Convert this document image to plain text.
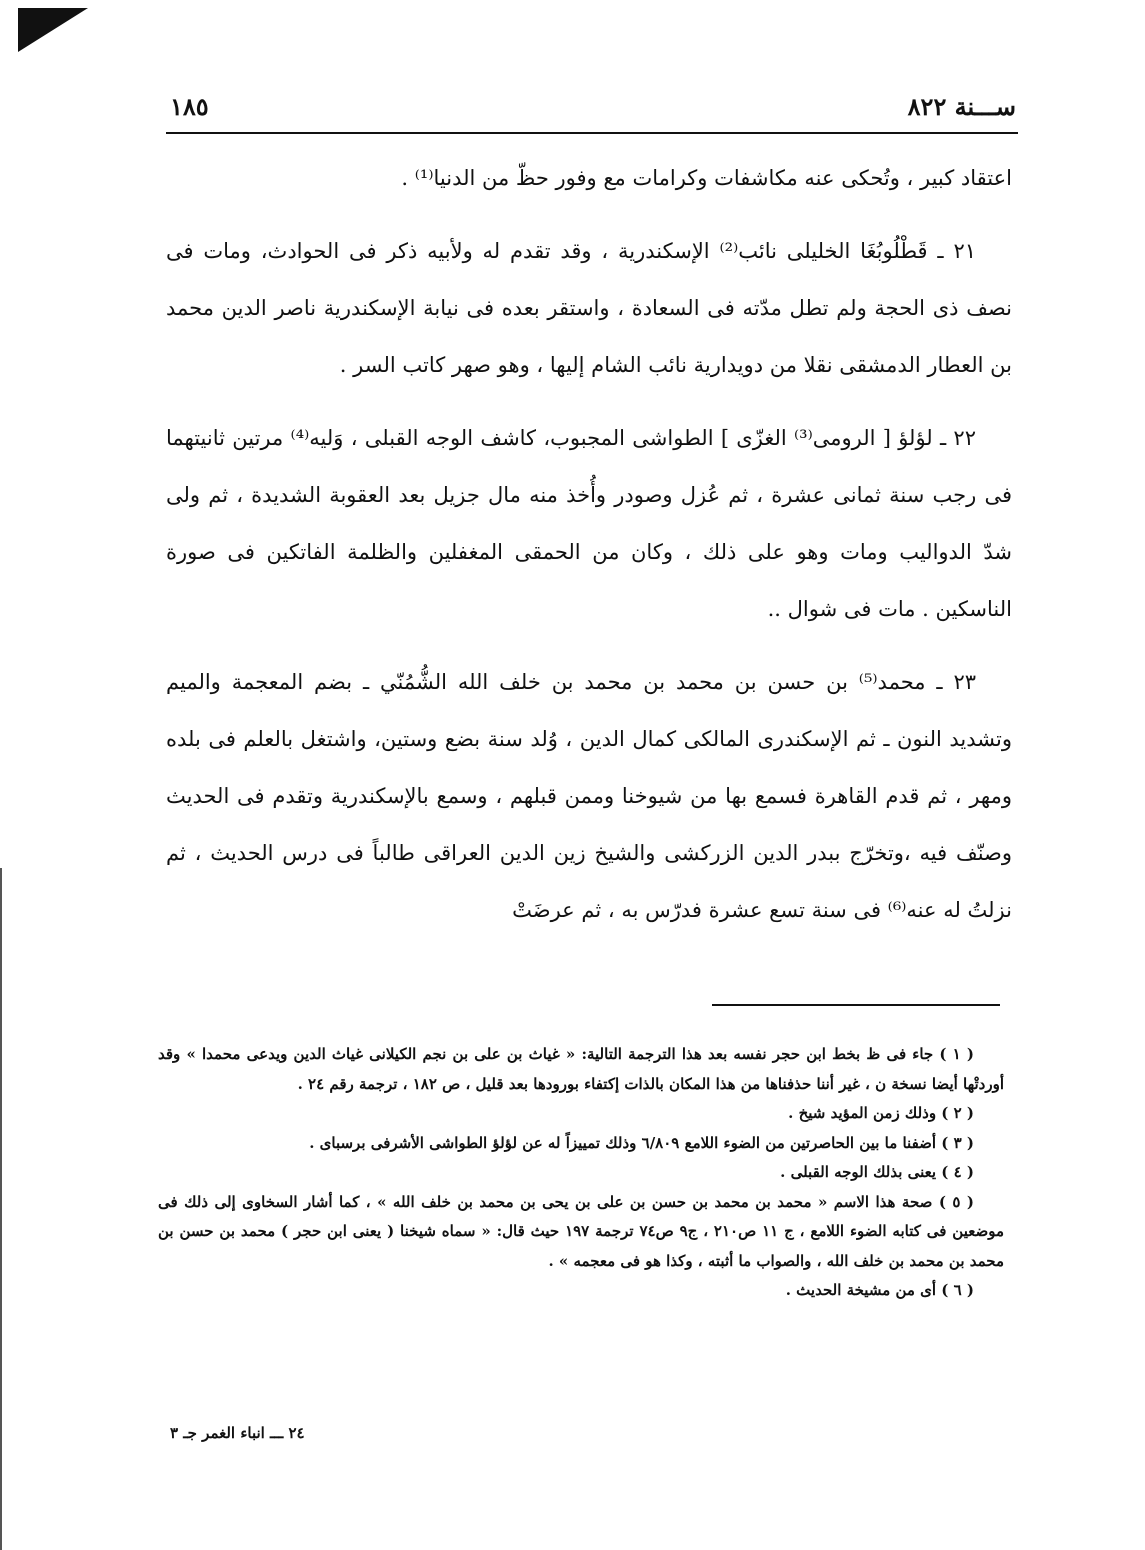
ســـنة ٨٢٢
١٨٥

اعتقاد كبير ، وتُحكى عنه مكاشفات وكرامات مع وفور حظّ من الدنيا⁽¹⁾ .

٢١ ـ قَطْلُوبُغَا الخليلى نائب⁽²⁾ الإسكندرية ، وقد تقدم له ولأبيه ذكر فى الحوادث، ومات فى نصف ذى الحجة ولم تطل مدّته فى السعادة ، واستقر بعده فى نيابة الإسكندرية ناصر الدين محمد بن العطار الدمشقى نقلا من دويدارية نائب الشام إليها ، وهو صهر كاتب السر .

٢٢ ـ لؤلؤ [ الرومى⁽³⁾ الغزّى ] الطواشى المجبوب، كاشف الوجه القبلى ، وَليه⁽⁴⁾ مرتين ثانيتهما فى رجب سنة ثمانى عشرة ، ثم عُزل وصودر وأُخذ منه مال جزيل بعد العقوبة الشديدة ، ثم ولى شدّ الدواليب ومات وهو على ذلك ، وكان من الحمقى المغفلين والظلمة الفاتكين فى صورة الناسكين . مات فى شوال ..

٢٣ ـ محمد⁽⁵⁾ بن حسن بن محمد بن محمد بن خلف الله الشُّمُنّي ـ بضم المعجمة والميم وتشديد النون ـ ثم الإسكندرى المالكى كمال الدين ، وُلد سنة بضع وستين، واشتغل بالعلم فى بلده ومهر ، ثم قدم القاهرة فسمع بها من شيوخنا وممن قبلهم ، وسمع بالإسكندرية وتقدم فى الحديث وصنّف فيه ،وتخرّج ببدر الدين الزركشى والشيخ زين الدين العراقى طالباً فى درس الحديث ، ثم نزلتُ له عنه⁽⁶⁾ فى سنة تسع عشرة فدرّس به ، ثم عرضَتْ

( ١ ) جاء فى ظ بخط ابن حجر نفسه بعد هذا الترجمة التالية: « غياث بن على بن نجم الكيلانى غياث الدين ويدعى محمدا » وقد أوردتْها أيضا نسخة ن ، غير أننا حذفناها من هذا المكان بالذات إكتفاء بورودها بعد قليل ، ص ١٨٢ ، ترجمة رقم ٢٤ .

( ٢ ) وذلك زمن المؤيد شيخ .

( ٣ ) أضفنا ما بين الحاصرتين من الضوء اللامع ٦/٨٠٩ وذلك تمييزاً له عن لؤلؤ الطواشى الأشرفى برسباى .

( ٤ ) يعنى بذلك الوجه القبلى .

( ٥ ) صحة هذا الاسم « محمد بن محمد بن حسن بن على بن يحى بن محمد بن خلف الله » ، كما أشار السخاوى إلى ذلك فى موضعين فى كتابه الضوء اللامع ، ج ١١ ص٢١٠ ، ج٩ ص٧٤ ترجمة ١٩٧ حيث قال: « سماه شيخنا ( يعنى ابن حجر ) محمد بن حسن بن محمد بن محمد بن خلف الله ، والصواب ما أثبته ، وكذا هو فى معجمه » .

( ٦ ) أى من مشيخة الحديث .

٢٤ ـــ انباء الغمر جـ ٣
